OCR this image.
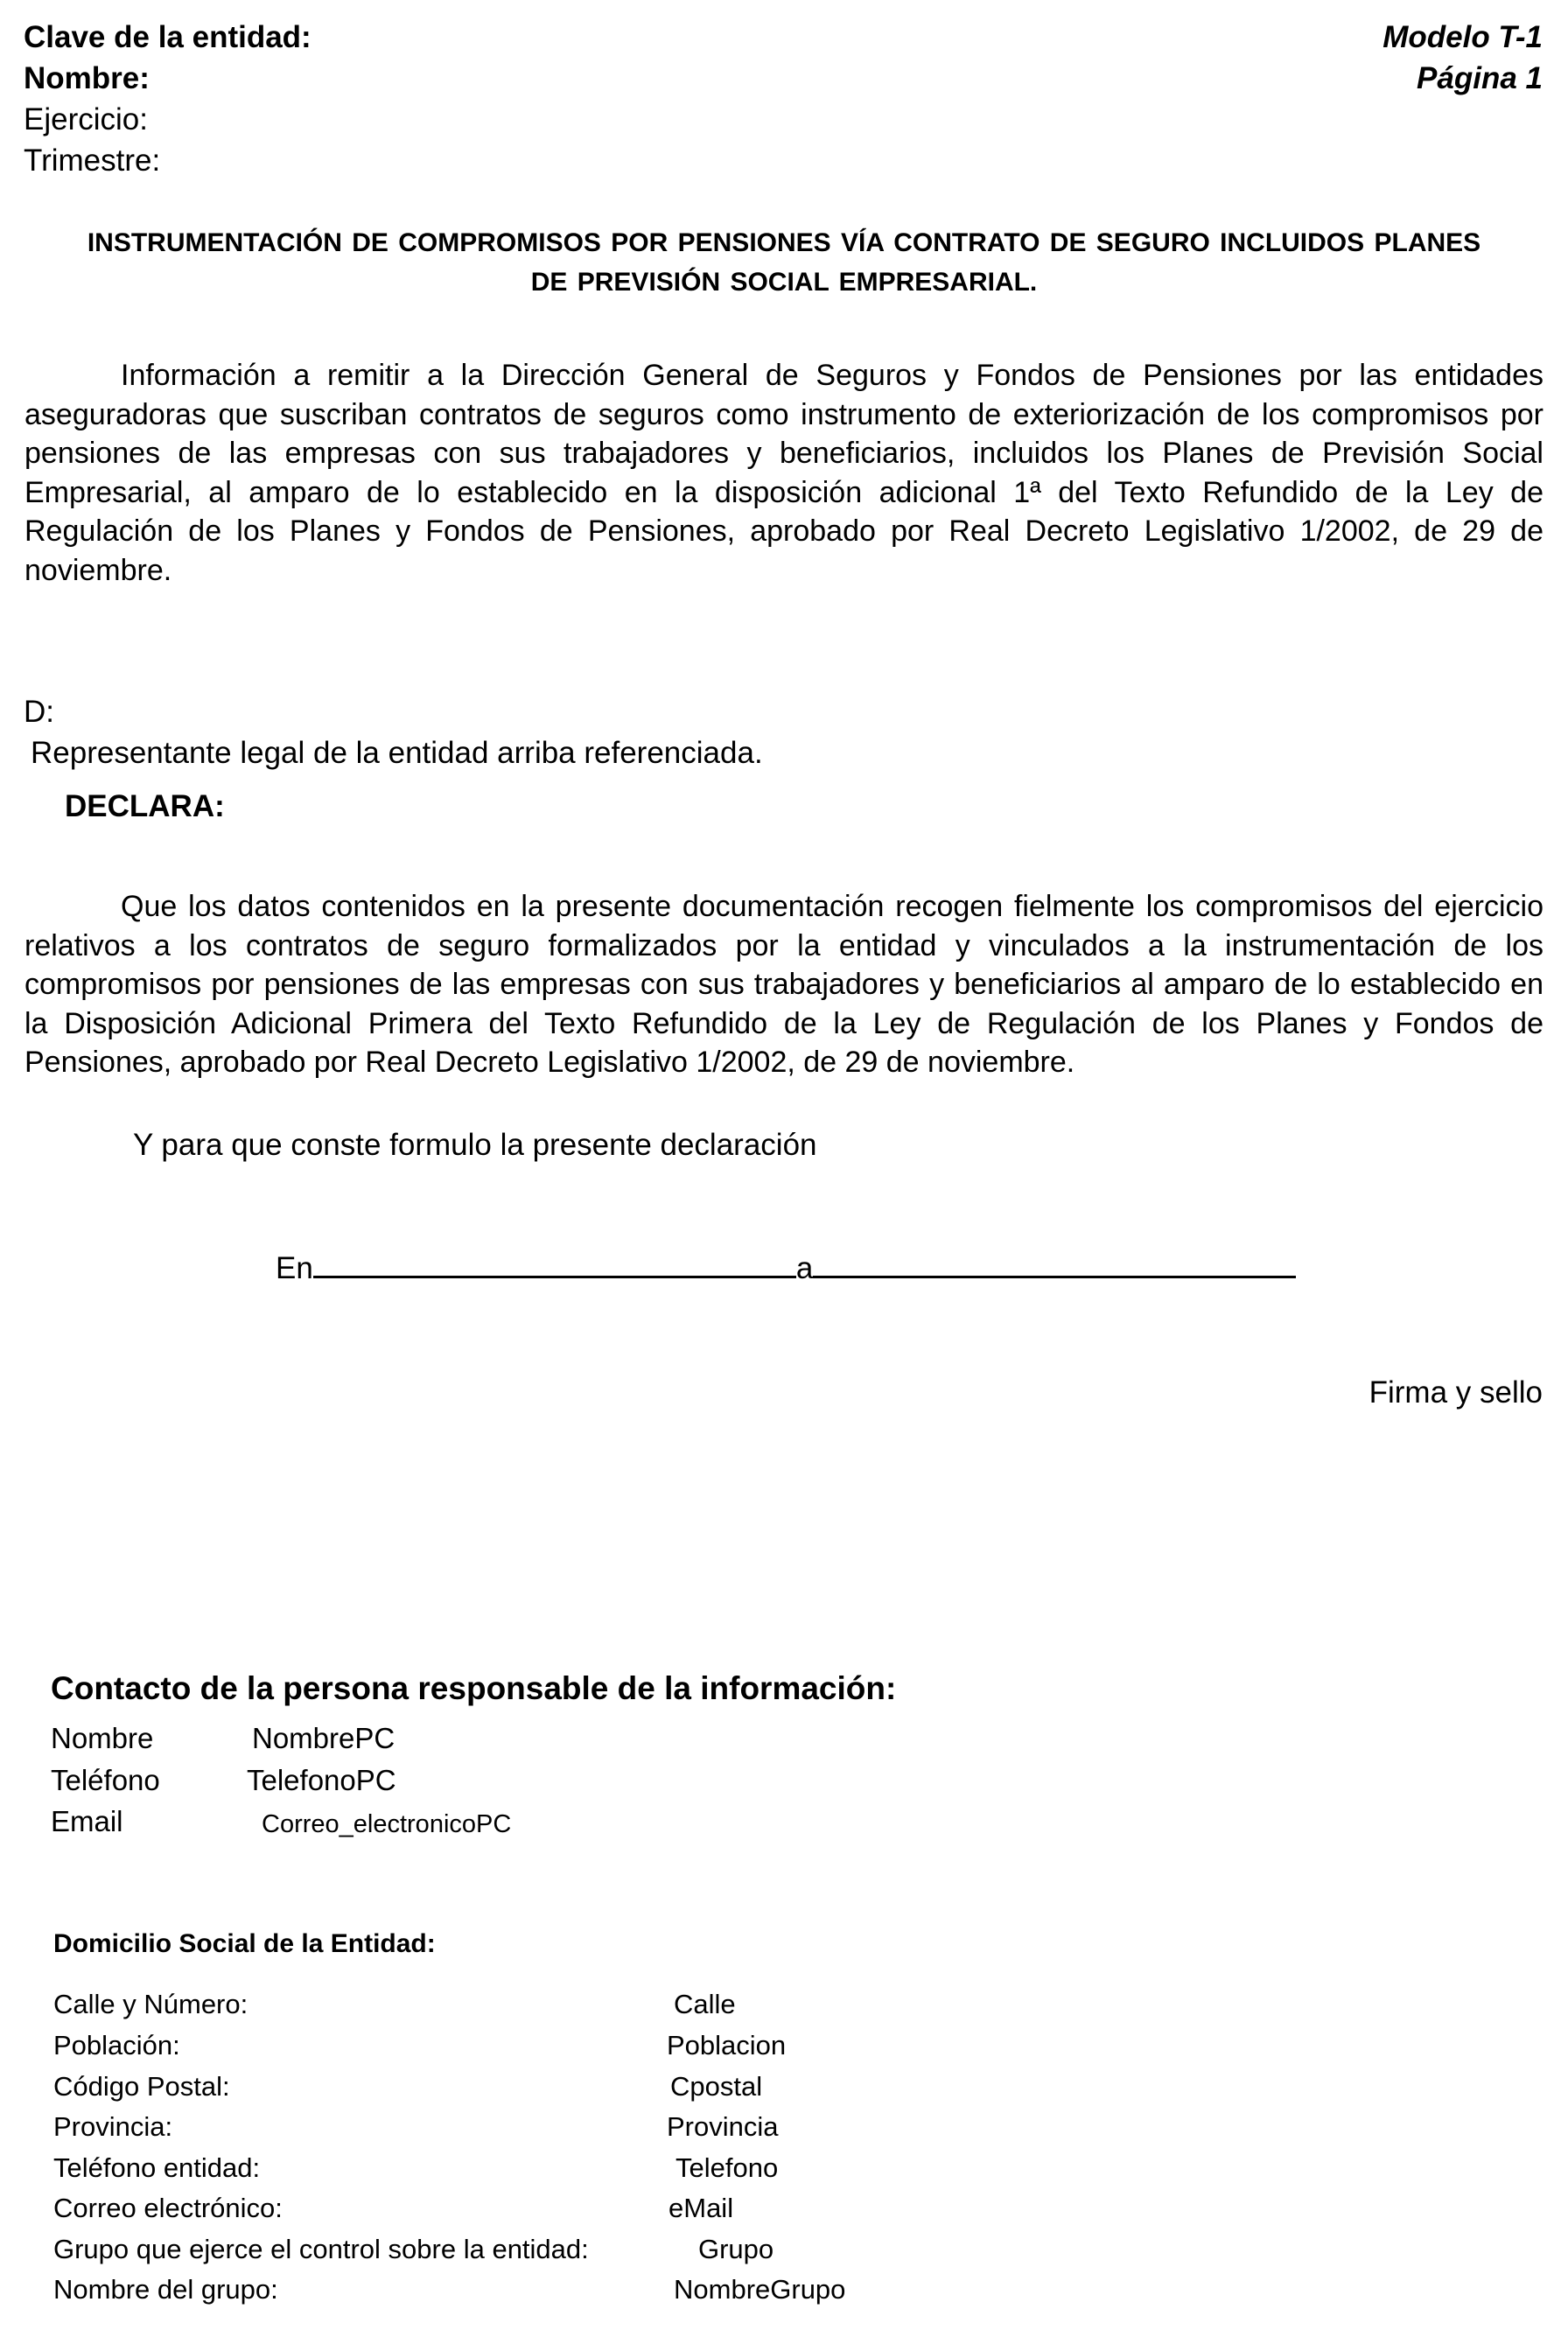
Clave de la entidad:
Nombre:
Ejercicio:
Trimestre:
Modelo T-1
Página 1
INSTRUMENTACIÓN DE COMPROMISOS POR PENSIONES VÍA CONTRATO DE SEGURO INCLUIDOS PLANES
DE PREVISIÓN SOCIAL EMPRESARIAL.
Información a remitir a la Dirección General de Seguros y Fondos de Pensiones por las entidades aseguradoras que suscriban contratos de seguros como instrumento de exteriorización de los compromisos por pensiones de las empresas con sus trabajadores y beneficiarios, incluidos los Planes de Previsión Social Empresarial, al amparo de lo establecido en la disposición adicional 1ª del Texto Refundido de la Ley de Regulación de los Planes y Fondos de Pensiones, aprobado por Real Decreto Legislativo 1/2002, de 29 de noviembre.
D:
Representante legal de la entidad arriba referenciada.
DECLARA:
Que los datos contenidos en la presente documentación recogen fielmente los compromisos del ejercicio relativos a los contratos de seguro formalizados por la entidad y vinculados a la instrumentación de los compromisos por pensiones de las empresas con sus trabajadores y beneficiarios al amparo de lo establecido en la Disposición Adicional Primera del Texto Refundido de la Ley de Regulación de los Planes y Fondos de Pensiones, aprobado por Real Decreto Legislativo 1/2002, de 29 de noviembre.
Y para que conste formulo la presente declaración
En	a
Firma y sello
Contacto de la persona responsable de la información:
Nombre	NombrePC
Teléfono	TelefonoPC
Email	Correo_electronicoPC
Domicilio Social de la Entidad:
Calle y Número:	Calle
Población:	Poblacion
Código Postal:	Cpostal
Provincia:	Provincia
Teléfono entidad:	Telefono
Correo electrónico:	eMail
Grupo que ejerce el control sobre la entidad:	Grupo
Nombre del grupo:	NombreGrupo
